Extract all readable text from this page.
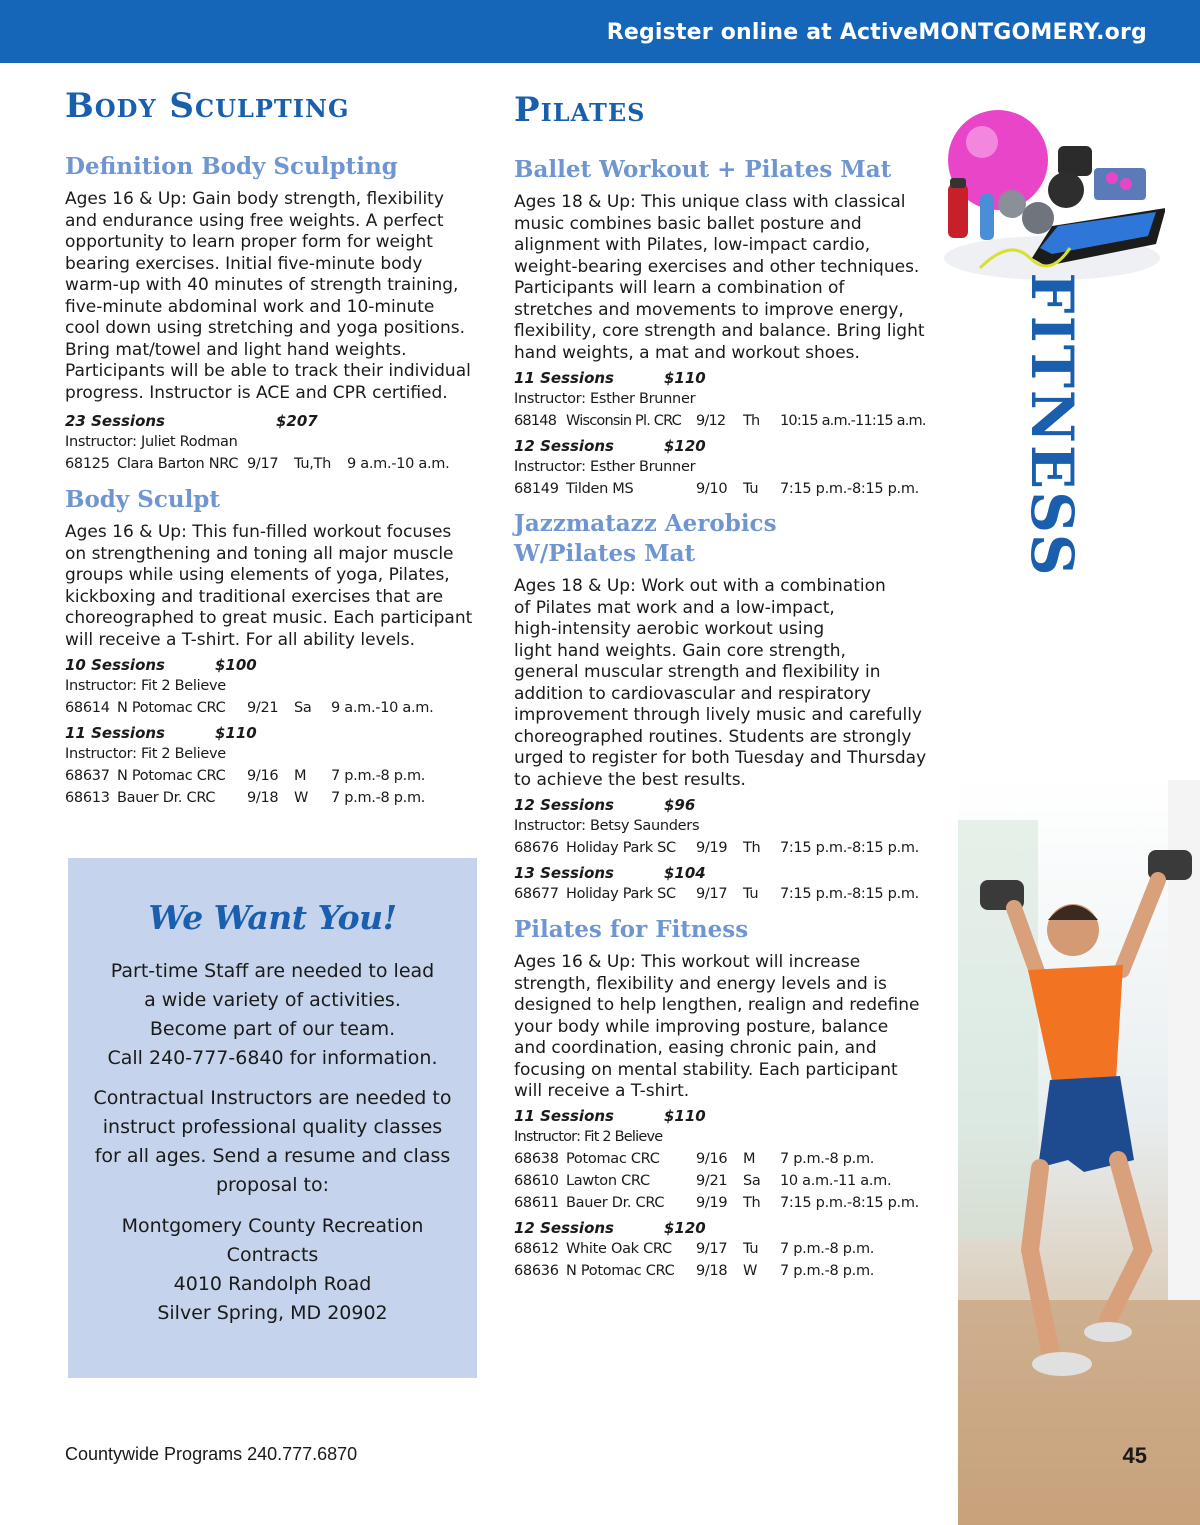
Register online at ActiveMONTGOMERY.org
Body Sculpting
Definition Body Sculpting
Ages 16 & Up: Gain body strength, flexibility
and endurance using free weights. A perfect
opportunity to learn proper form for weight
bearing exercises. Initial five-minute body
warm-up with 40 minutes of strength training,
five-minute abdominal work and 10-minute
cool down using stretching and yoga positions.
Bring mat/towel and light hand weights.
Participants will be able to track their individual
progress. Instructor is ACE and CPR certified.
23 Sessions	$207
Instructor: Juliet Rodman
68125 Clara Barton NRC 9/17 Tu,Th 9 a.m.-10 a.m.
Body Sculpt
Ages 16 & Up: This fun-filled workout focuses
on strengthening and toning all major muscle
groups while using elements of yoga, Pilates,
kickboxing and traditional exercises that are
choreographed to great music. Each participant
will receive a T-shirt. For all ability levels.
10 Sessions	$100
Instructor: Fit 2 Believe
68614 N Potomac CRC 9/21 Sa 9 a.m.-10 a.m.
11 Sessions	$110
Instructor: Fit 2 Believe
68637 N Potomac CRC 9/16 M 7 p.m.-8 p.m.
68613 Bauer Dr. CRC 9/18 W 7 p.m.-8 p.m.
We Want You!
Part-time Staff are needed to lead
a wide variety of activities.
Become part of our team.
Call 240-777-6840 for information.
Contractual Instructors are needed to
instruct professional quality classes
for all ages. Send a resume and class
proposal to:
Montgomery County Recreation
Contracts
4010 Randolph Road
Silver Spring, MD 20902
Pilates
Ballet Workout + Pilates Mat
Ages 18 & Up: This unique class with classical
music combines basic ballet posture and
alignment with Pilates, low-impact cardio,
weight-bearing exercises and other techniques.
Participants will learn a combination of
stretches and movements to improve energy,
flexibility, core strength and balance. Bring light
hand weights, a mat and workout shoes.
11 Sessions	$110
Instructor: Esther Brunner
68148 Wisconsin Pl. CRC 9/12 Th 10:15 a.m.-11:15 a.m.
12 Sessions	$120
Instructor: Esther Brunner
68149 Tilden MS	9/10 Tu 7:15 p.m.-8:15 p.m.
Jazzmatazz Aerobics
W/Pilates Mat
Ages 18 & Up: Work out with a combination
of Pilates mat work and a low-impact,
high-intensity aerobic workout using
light hand weights. Gain core strength,
general muscular strength and flexibility in
addition to cardiovascular and respiratory
improvement through lively music and carefully
choreographed routines. Students are strongly
urged to register for both Tuesday and Thursday
to achieve the best results.
12 Sessions	$96
Instructor: Betsy Saunders
68676 Holiday Park SC 9/19 Th 7:15 p.m.-8:15 p.m.
13 Sessions	$104
68677 Holiday Park SC 9/17 Tu 7:15 p.m.-8:15 p.m.
Pilates for Fitness
Ages 16 & Up: This workout will increase
strength, flexibility and energy levels and is
designed to help lengthen, realign and redefine
your body while improving posture, balance
and coordination, easing chronic pain, and
focusing on mental stability. Each participant
will receive a T-shirt.
11 Sessions	$110
Instructor: Fit 2 Believe
68638 Potomac CRC	9/16 M 7 p.m.-8 p.m.
68610 Lawton CRC	9/21 Sa 10 a.m.-11 a.m.
68611 Bauer Dr. CRC 9/19 Th 7:15 p.m.-8:15 p.m.
12 Sessions	$120
68612 White Oak CRC 9/17 Tu 7 p.m.-8 p.m.
68636 N Potomac CRC 9/18 W 7 p.m.-8 p.m.
FITNESS
Countywide Programs 240.777.6870	45
